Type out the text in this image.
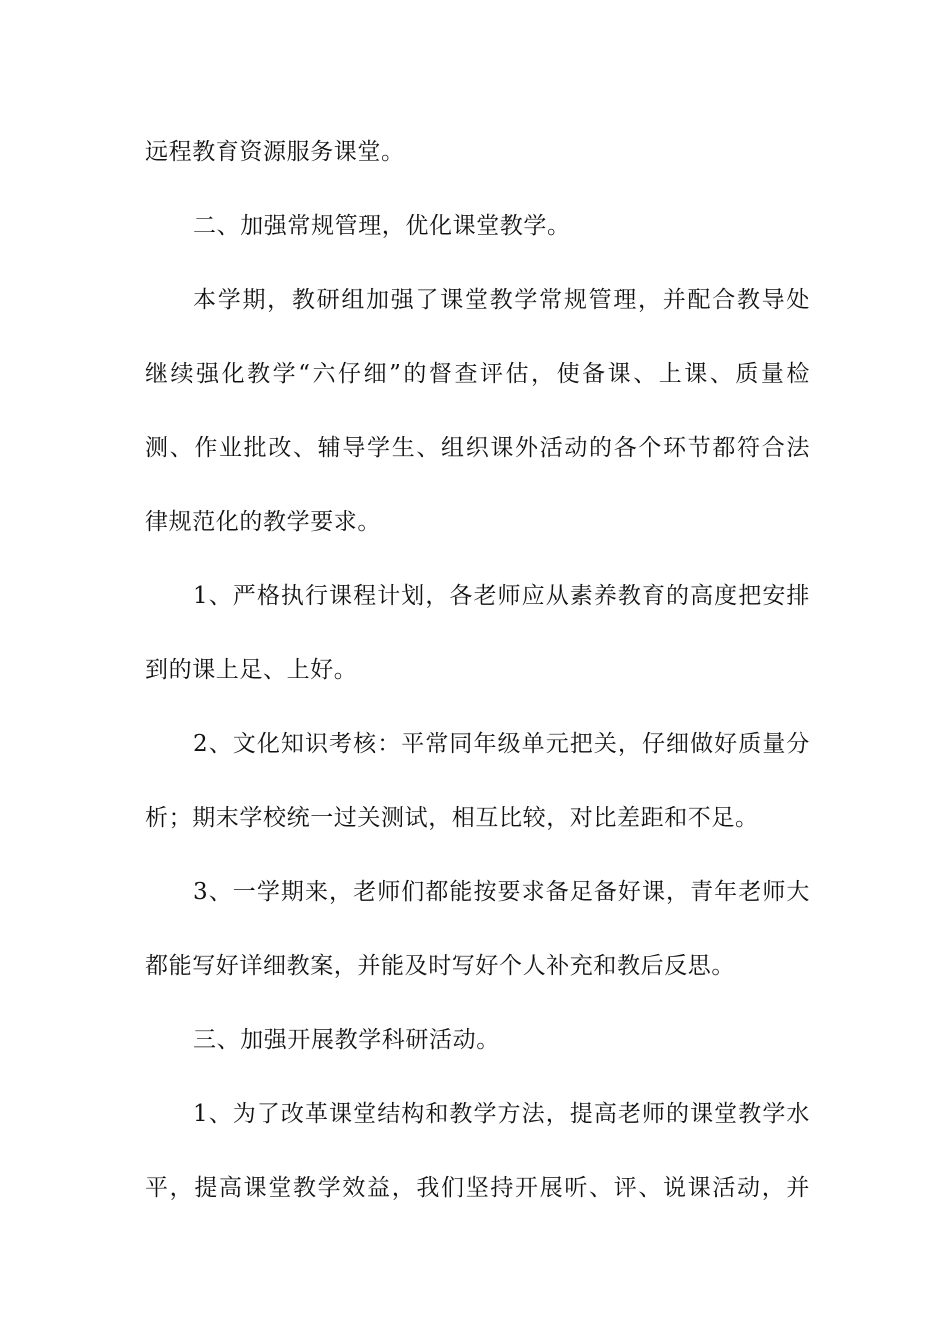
远程教育资源服务课堂。
二、加强常规管理，优化课堂教学。
本学期，教研组加强了课堂教学常规管理，并配合教导处
继续强化教学“六仔细”的督查评估，使备课、上课、质量检
测、作业批改、辅导学生、组织课外活动的各个环节都符合法
律规范化的教学要求。
1、严格执行课程计划，各老师应从素养教育的高度把安排
到的课上足、上好。
2、文化知识考核：平常同年级单元把关，仔细做好质量分
析；期末学校统一过关测试，相互比较，对比差距和不足。
3、一学期来，老师们都能按要求备足备好课，青年老师大
都能写好详细教案，并能及时写好个人补充和教后反思。
三、加强开展教学科研活动。
1、为了改革课堂结构和教学方法，提高老师的课堂教学水
平，提高课堂教学效益，我们坚持开展听、评、说课活动，并
